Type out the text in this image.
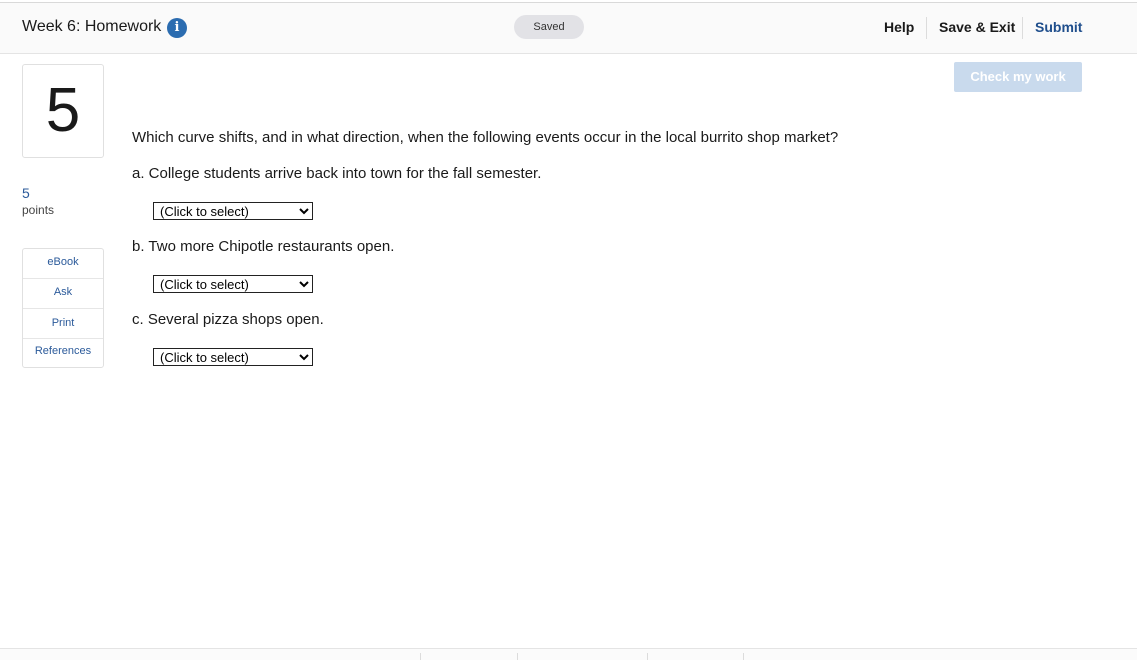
Week 6: Homework	i	Saved	Help Save & Exit Submit
Check my work
5
5
points
eBook
Ask
Print
References
Which curve shifts, and in what direction, when the following events occur in the local burrito shop market?
a. College students arrive back into town for the fall semester.
(Click to select)
b. Two more Chipotle restaurants open.
(Click to select)
c. Several pizza shops open.
(Click to select)
